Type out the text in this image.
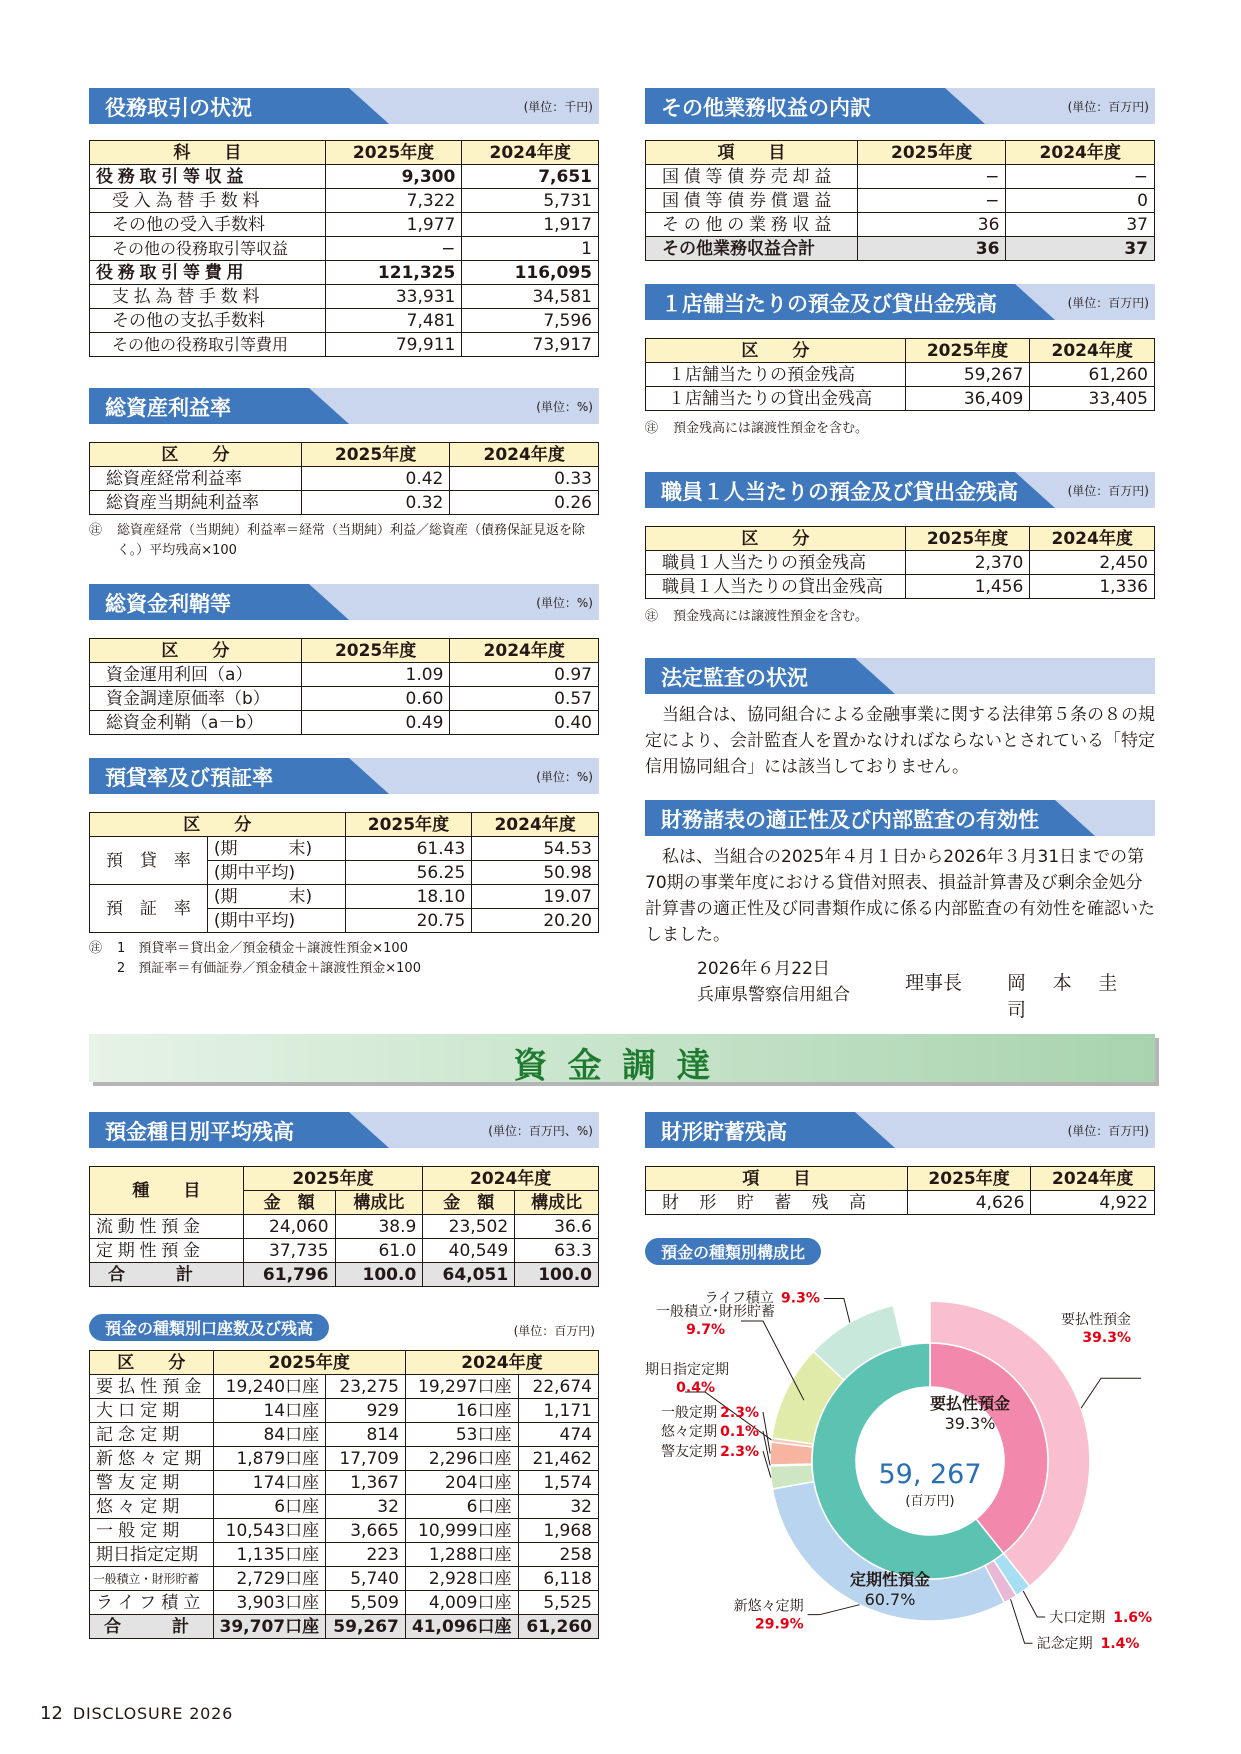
役務取引の状況	(単位：千円)
科　　目	2025年度	2024年度
役務取引等収益	9,300	7,651
受入為替手数料	7,322	5,731
その他の受入手数料	1,977	1,917
その他の役務取引等収益	−	1
役務取引等費用	121,325	116,095
支払為替手数料	33,931	34,581
その他の支払手数料	7,481	7,596
その他の役務取引等費用	79,911	73,917
総資産利益率	(単位：%)
区　　分	2025年度	2024年度
総資産経常利益率	0.42	0.33
総資産当期純利益率	0.32	0.26
㊟	総資産経常（当期純）利益率＝経常（当期純）利益／総資産（債務保証見返を除く。）平均残高×100
総資金利鞘等	(単位：%)
区　　分	2025年度	2024年度
資金運用利回（a）	1.09	0.97
資金調達原価率（b）	0.60	0.57
総資金利鞘（a－b）	0.49	0.40
預貸率及び預証率	(単位：%)
区　　分		2025年度	2024年度
預　貸　率	(期　　　末)	61.43	54.53
	(期中平均)	56.25	50.98
預　証　率	(期　　　末)	18.10	19.07
	(期中平均)	20.75	20.20
㊟	1　預貸率＝貸出金／預金積金＋譲渡性預金×100
2　預証率＝有価証券／預金積金＋譲渡性預金×100
その他業務収益の内訳	(単位：百万円)
項　　目	2025年度	2024年度
国債等債券売却益	−	−
国債等債券償還益	−	0
その他の業務収益	36	37
その他業務収益合計	36	37
１店舗当たりの預金及び貸出金残高	(単位：百万円)
区　　分	2025年度	2024年度
１店舗当たりの預金残高	59,267	61,260
１店舗当たりの貸出金残高	36,409	33,405
㊟	預金残高には譲渡性預金を含む。
職員１人当たりの預金及び貸出金残高	(単位：百万円)
区　　分	2025年度	2024年度
職員１人当たりの預金残高	2,370	2,450
職員１人当たりの貸出金残高	1,456	1,336
㊟	預金残高には譲渡性預金を含む。
法定監査の状況
当組合は、協同組合による金融事業に関する法律第５条の８の規定により、会計監査人を置かなければならないとされている「特定信用協同組合」には該当しておりません。
財務諸表の適正性及び内部監査の有効性
私は、当組合の2025年４月１日から2026年３月31日までの第70期の事業年度における貸借対照表、損益計算書及び剰余金処分計算書の適正性及び同書類作成に係る内部監査の有効性を確認いたしました。
2026年６月22日
兵庫県警察信用組合
理事長 岡　本　圭　司
資金調達
預金種目別平均残高	(単位：百万円、%)
種　　目	2025年度		2024年度	
	金　額	構成比	金　額	構成比
流動性預金	24,060	38.9	23,502	36.6
定期性預金	37,735	61.0	40,549	63.3
合　　　計	61,796	100.0	64,051	100.0
預金の種類別口座数及び残高	(単位：百万円)
区　　分	2025年度		2024年度	
要払性預金	19,240口座	23,275	19,297口座	22,674
大口定期	14口座	929	16口座	1,171
記念定期	84口座	814	53口座	474
新悠々定期	1,879口座	17,709	2,296口座	21,462
警友定期	174口座	1,367	204口座	1,574
悠々定期	6口座	32	6口座	32
一般定期	10,543口座	3,665	10,999口座	1,968
期日指定定期	1,135口座	223	1,288口座	258
一般積立・財形貯蓄	2,729口座	5,740	2,928口座	6,118
ライフ積立	3,903口座	5,509	4,009口座	5,525
合　　　計	39,707口座	59,267	41,096口座	61,260
財形貯蓄残高	(単位：百万円)
項　　目	2025年度	2024年度
財形貯蓄残高	4,626	4,922
預金の種類別構成比
59, 267
(百万円)
要払性預金
39.3%
定期性預金
60.7%
要払性預金
39.3%
大口定期 1.6%
記念定期 1.4%
新悠々定期
29.9%
警友定期
悠々定期
一般定期
期日指定定期
0.4%
一般積立･財形貯蓄
9.7%
9.3%
ライフ積立
2.3%
0.1%
2.3%
12 DISCLOSURE 2026
